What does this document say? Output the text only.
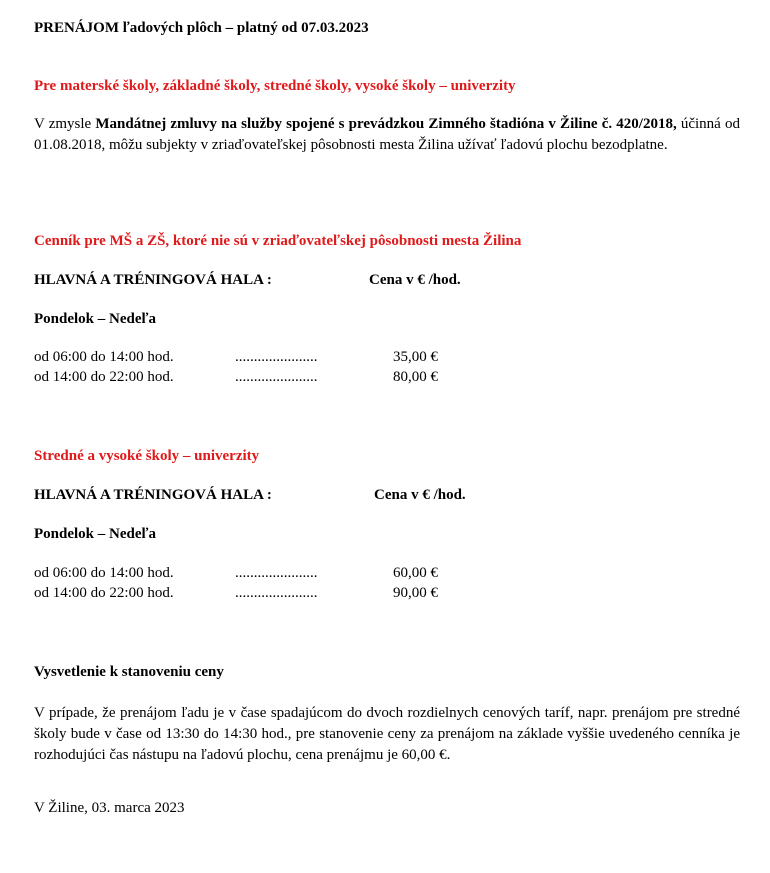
PRENÁJOM ľadových plôch – platný od 07.03.2023
Pre materské školy, základné školy, stredné školy, vysoké školy – univerzity
V zmysle Mandátnej zmluvy na služby spojené s prevádzkou Zimného štadióna v Žiline č. 420/2018, účinná od 01.08.2018, môžu subjekty v zriaďovateľskej pôsobnosti mesta Žilina užívať ľadovú plochu bezodplatne.
Cenník pre MŠ a ZŠ, ktoré nie sú v zriaďovateľskej pôsobnosti mesta Žilina
HLAVNÁ A TRÉNINGOVÁ HALA :	Cena v € /hod.
Pondelok – Nedeľa
od 06:00 do 14:00 hod.	......................	35,00 €
od 14:00 do 22:00 hod.	......................	80,00 €
Stredné a vysoké školy – univerzity
HLAVNÁ A TRÉNINGOVÁ HALA :	Cena v € /hod.
Pondelok – Nedeľa
od 06:00 do 14:00 hod.	......................	60,00 €
od 14:00 do 22:00 hod.	......................	90,00 €
Vysvetlenie k stanoveniu ceny
V prípade, že prenájom ľadu je v čase spadajúcom do dvoch rozdielnych cenových taríf, napr. prenájom pre stredné školy bude v čase od 13:30 do 14:30 hod., pre stanovenie ceny za prenájom na základe vyššie uvedeného cenníka je rozhodujúci čas nástupu na ľadovú plochu, cena prenájmu je 60,00 €.
V Žiline, 03. marca 2023
